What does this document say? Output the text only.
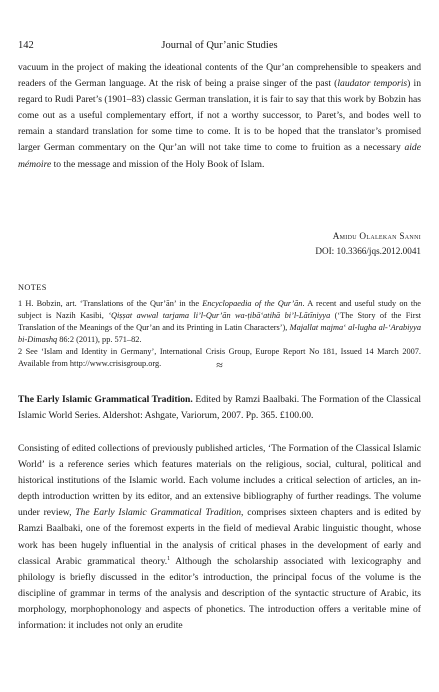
142	Journal of Qur’anic Studies

vacuum in the project of making the ideational contents of the Qur’an comprehensible to speakers and readers of the German language. At the risk of being a praise singer of the past (laudator temporis) in regard to Rudi Paret’s (1901–83) classic German translation, it is fair to say that this work by Bobzin has come out as a useful complementary effort, if not a worthy successor, to Paret’s, and bodes well to remain a standard translation for some time to come. It is to be hoped that the translator’s promised larger German commentary on the Qur’an will not take time to come to fruition as a necessary aide mémoire to the message and mission of the Holy Book of Islam.

Amidu Olalekan Sanni
DOI: 10.3366/jqs.2012.0041
NOTES

1 H. Bobzin, art. ‘Translations of the Qur’ān’ in the Encyclopaedia of the Qur’ān. A recent and useful study on the subject is Nazih Kasibi, ‘Qiṣṣat awwal tarjama li’l-Qur’ān wa-ṭibā‘atihā bi’l-Lātīniyya (‘The Story of the First Translation of the Meanings of the Qur’an and its Printing in Latin Characters’), Majallat majma‘ al-lugha al-‘Arabiyya bi-Dimashq 86:2 (2011), pp. 571–82.

2 See ‘Islam and Identity in Germany’, International Crisis Group, Europe Report No 181, Issued 14 March 2007. Available from http://www.crisisgroup.org.	≈

The Early Islamic Grammatical Tradition. Edited by Ramzi Baalbaki. The Formation of the Classical Islamic World Series. Aldershot: Ashgate, Variorum, 2007. Pp. 365. £100.00.

Consisting of edited collections of previously published articles, ‘The Formation of the Classical Islamic World’ is a reference series which features materials on the religious, social, cultural, political and historical institutions of the Islamic world. Each volume includes a critical selection of articles, an in-depth introduction written by its editor, and an extensive bibliography of further readings. The volume under review, The Early Islamic Grammatical Tradition, comprises sixteen chapters and is edited by Ramzi Baalbaki, one of the foremost experts in the field of medieval Arabic linguistic thought, whose work has been hugely influential in the analysis of critical phases in the development of early and classical Arabic grammatical theory.$^1$ Although the scholarship associated with lexicography and philology is briefly discussed in the editor’s introduction, the principal focus of the volume is the discipline of grammar in terms of the analysis and description of the syntactic structure of Arabic, its morphology, morphophonology and aspects of phonetics. The introduction offers a veritable mine of information: it includes not only an erudite
